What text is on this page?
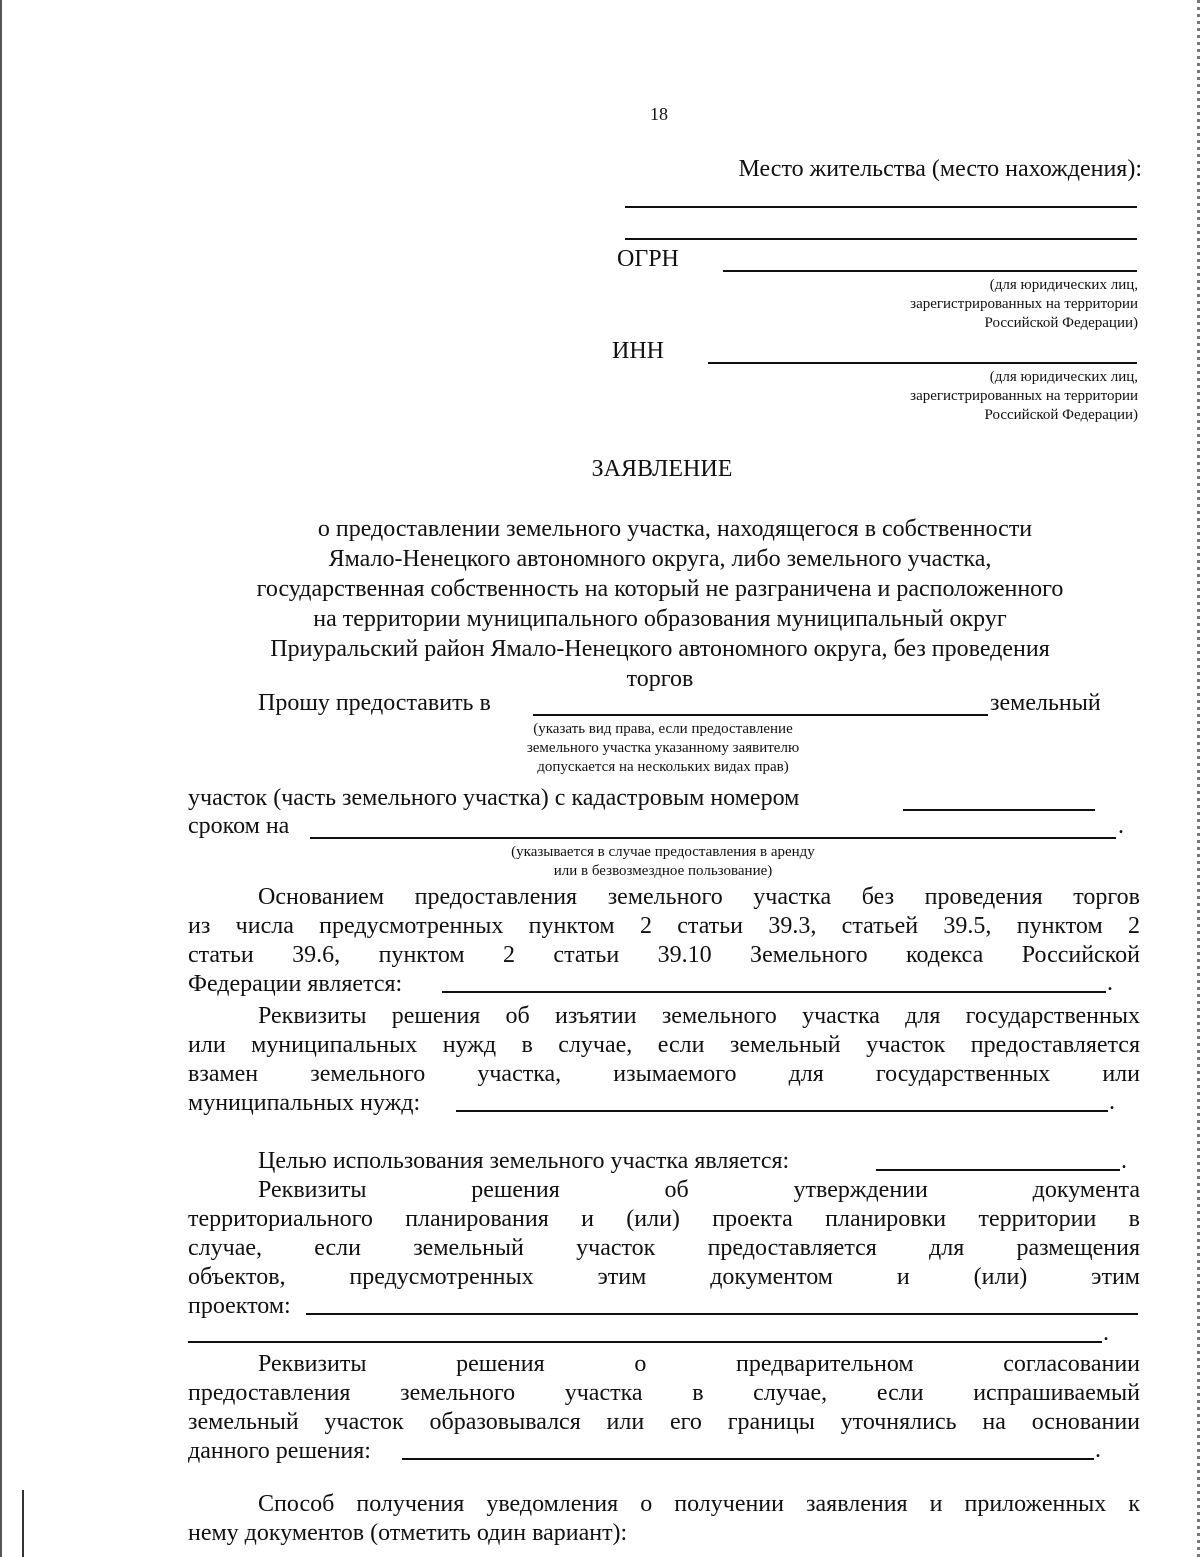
18
Место жительства (место нахождения):
ОГРН
(для юридических лиц,
зарегистрированных на территории
Российской Федерации)
ИНН
(для юридических лиц,
зарегистрированных на территории
Российской Федерации)
ЗАЯВЛЕНИЕ
о предоставлении земельного участка, находящегося в собственности
Ямало-Ненецкого автономного округа, либо земельного участка,
государственная собственность на который не разграничена и расположенного
на территории муниципального образования муниципальный округ
Приуральский район Ямало-Ненецкого автономного округа, без проведения
торгов
Прошу предоставить в	земельный
(указать вид права, если предоставление
земельного участка указанному заявителю
допускается на нескольких видах прав)
участок (часть земельного участка) с кадастровым номером
сроком на	.
(указывается в случае предоставления в аренду
или в безвозмездное пользование)
Основанием предоставления земельного участка без проведения торгов
из числа предусмотренных пунктом 2 статьи 39.3, статьей 39.5, пунктом 2
статьи 39.6, пунктом 2 статьи 39.10 Земельного кодекса Российской
Федерации является:	.
Реквизиты решения об изъятии земельного участка для государственных
или муниципальных нужд в случае, если земельный участок предоставляется
взамен земельного участка, изымаемого для государственных или
муниципальных нужд:	.
Целью использования земельного участка является:	.
Реквизиты решения об утверждении документа
территориального планирования и (или) проекта планировки территории в
случае, если земельный участок предоставляется для размещения
объектов, предусмотренных этим документом и (или) этим
проектом:
.
Реквизиты решения о предварительном согласовании
предоставления земельного участка в случае, если испрашиваемый
земельный участок образовывался или его границы уточнялись на основании
данного решения:	.
Способ получения уведомления о получении заявления и приложенных к
нему документов (отметить один вариант):
